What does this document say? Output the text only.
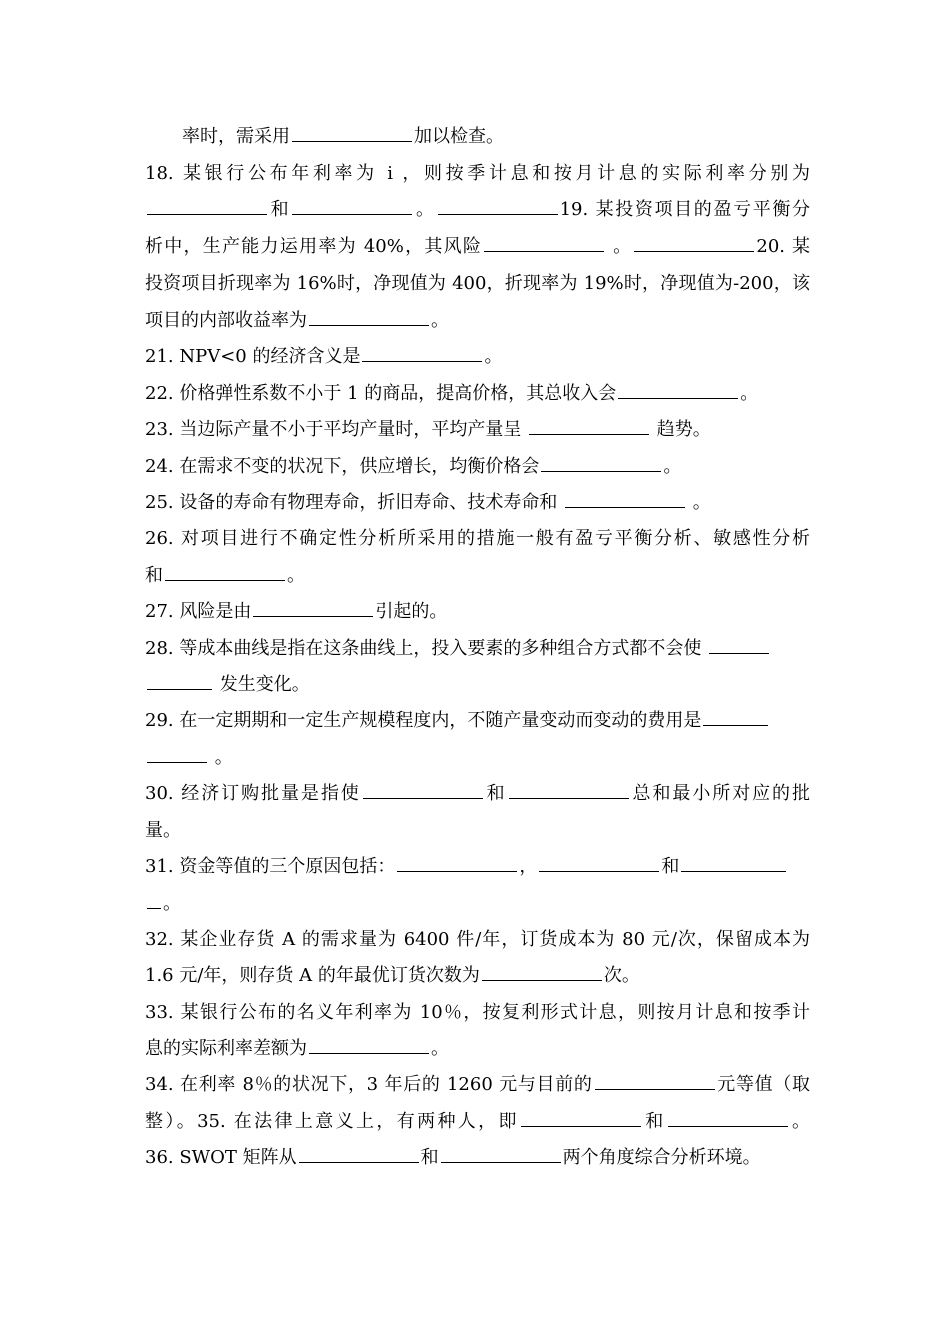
率时，需采用	加以检查。
18. 某银行公布年利率为 i ，则按季计息和按月计息的实际利率分别为
和	。	19. 某投资项目的盈亏平衡分
析中，生产能力运用率为 40%，其风险	。	20. 某
投资项目折现率为 16%时，净现值为 400，折现率为 19%时，净现值为-200，该
项目的内部收益率为	。
21. NPV<0 的经济含义是	。
22. 价格弹性系数不小于 1 的商品，提高价格，其总收入会	。
23. 当边际产量不小于平均产量时，平均产量呈	趋势。
24. 在需求不变的状况下，供应增长，均衡价格会	。
25. 设备的寿命有物理寿命，折旧寿命、技术寿命和	。
26. 对项目进行不确定性分析所采用的措施一般有盈亏平衡分析、敏感性分析
和	。
27. 风险是由	引起的。
28. 等成本曲线是指在这条曲线上，投入要素的多种组合方式都不会使
发生变化。
29. 在一定期期和一定生产规模程度内，不随产量变动而变动的费用是
。
30. 经济订购批量是指使	和	总和最小所对应的批
量。
31. 资金等值的三个原因包括：	，	和
。
32. 某企业存货 A 的需求量为 6400 件/年，订货成本为 80 元/次，保留成本为
1.6 元/年，则存货 A 的年最优订货次数为	次。
33. 某银行公布的名义年利率为 10％，按复利形式计息，则按月计息和按季计
息的实际利率差额为	。
34. 在利率 8％的状况下，3 年后的 1260 元与目前的	元等值（取
整）。35. 在法律上意义上，有两种人，即	和	。
36. SWOT 矩阵从	和	两个角度综合分析环境。
